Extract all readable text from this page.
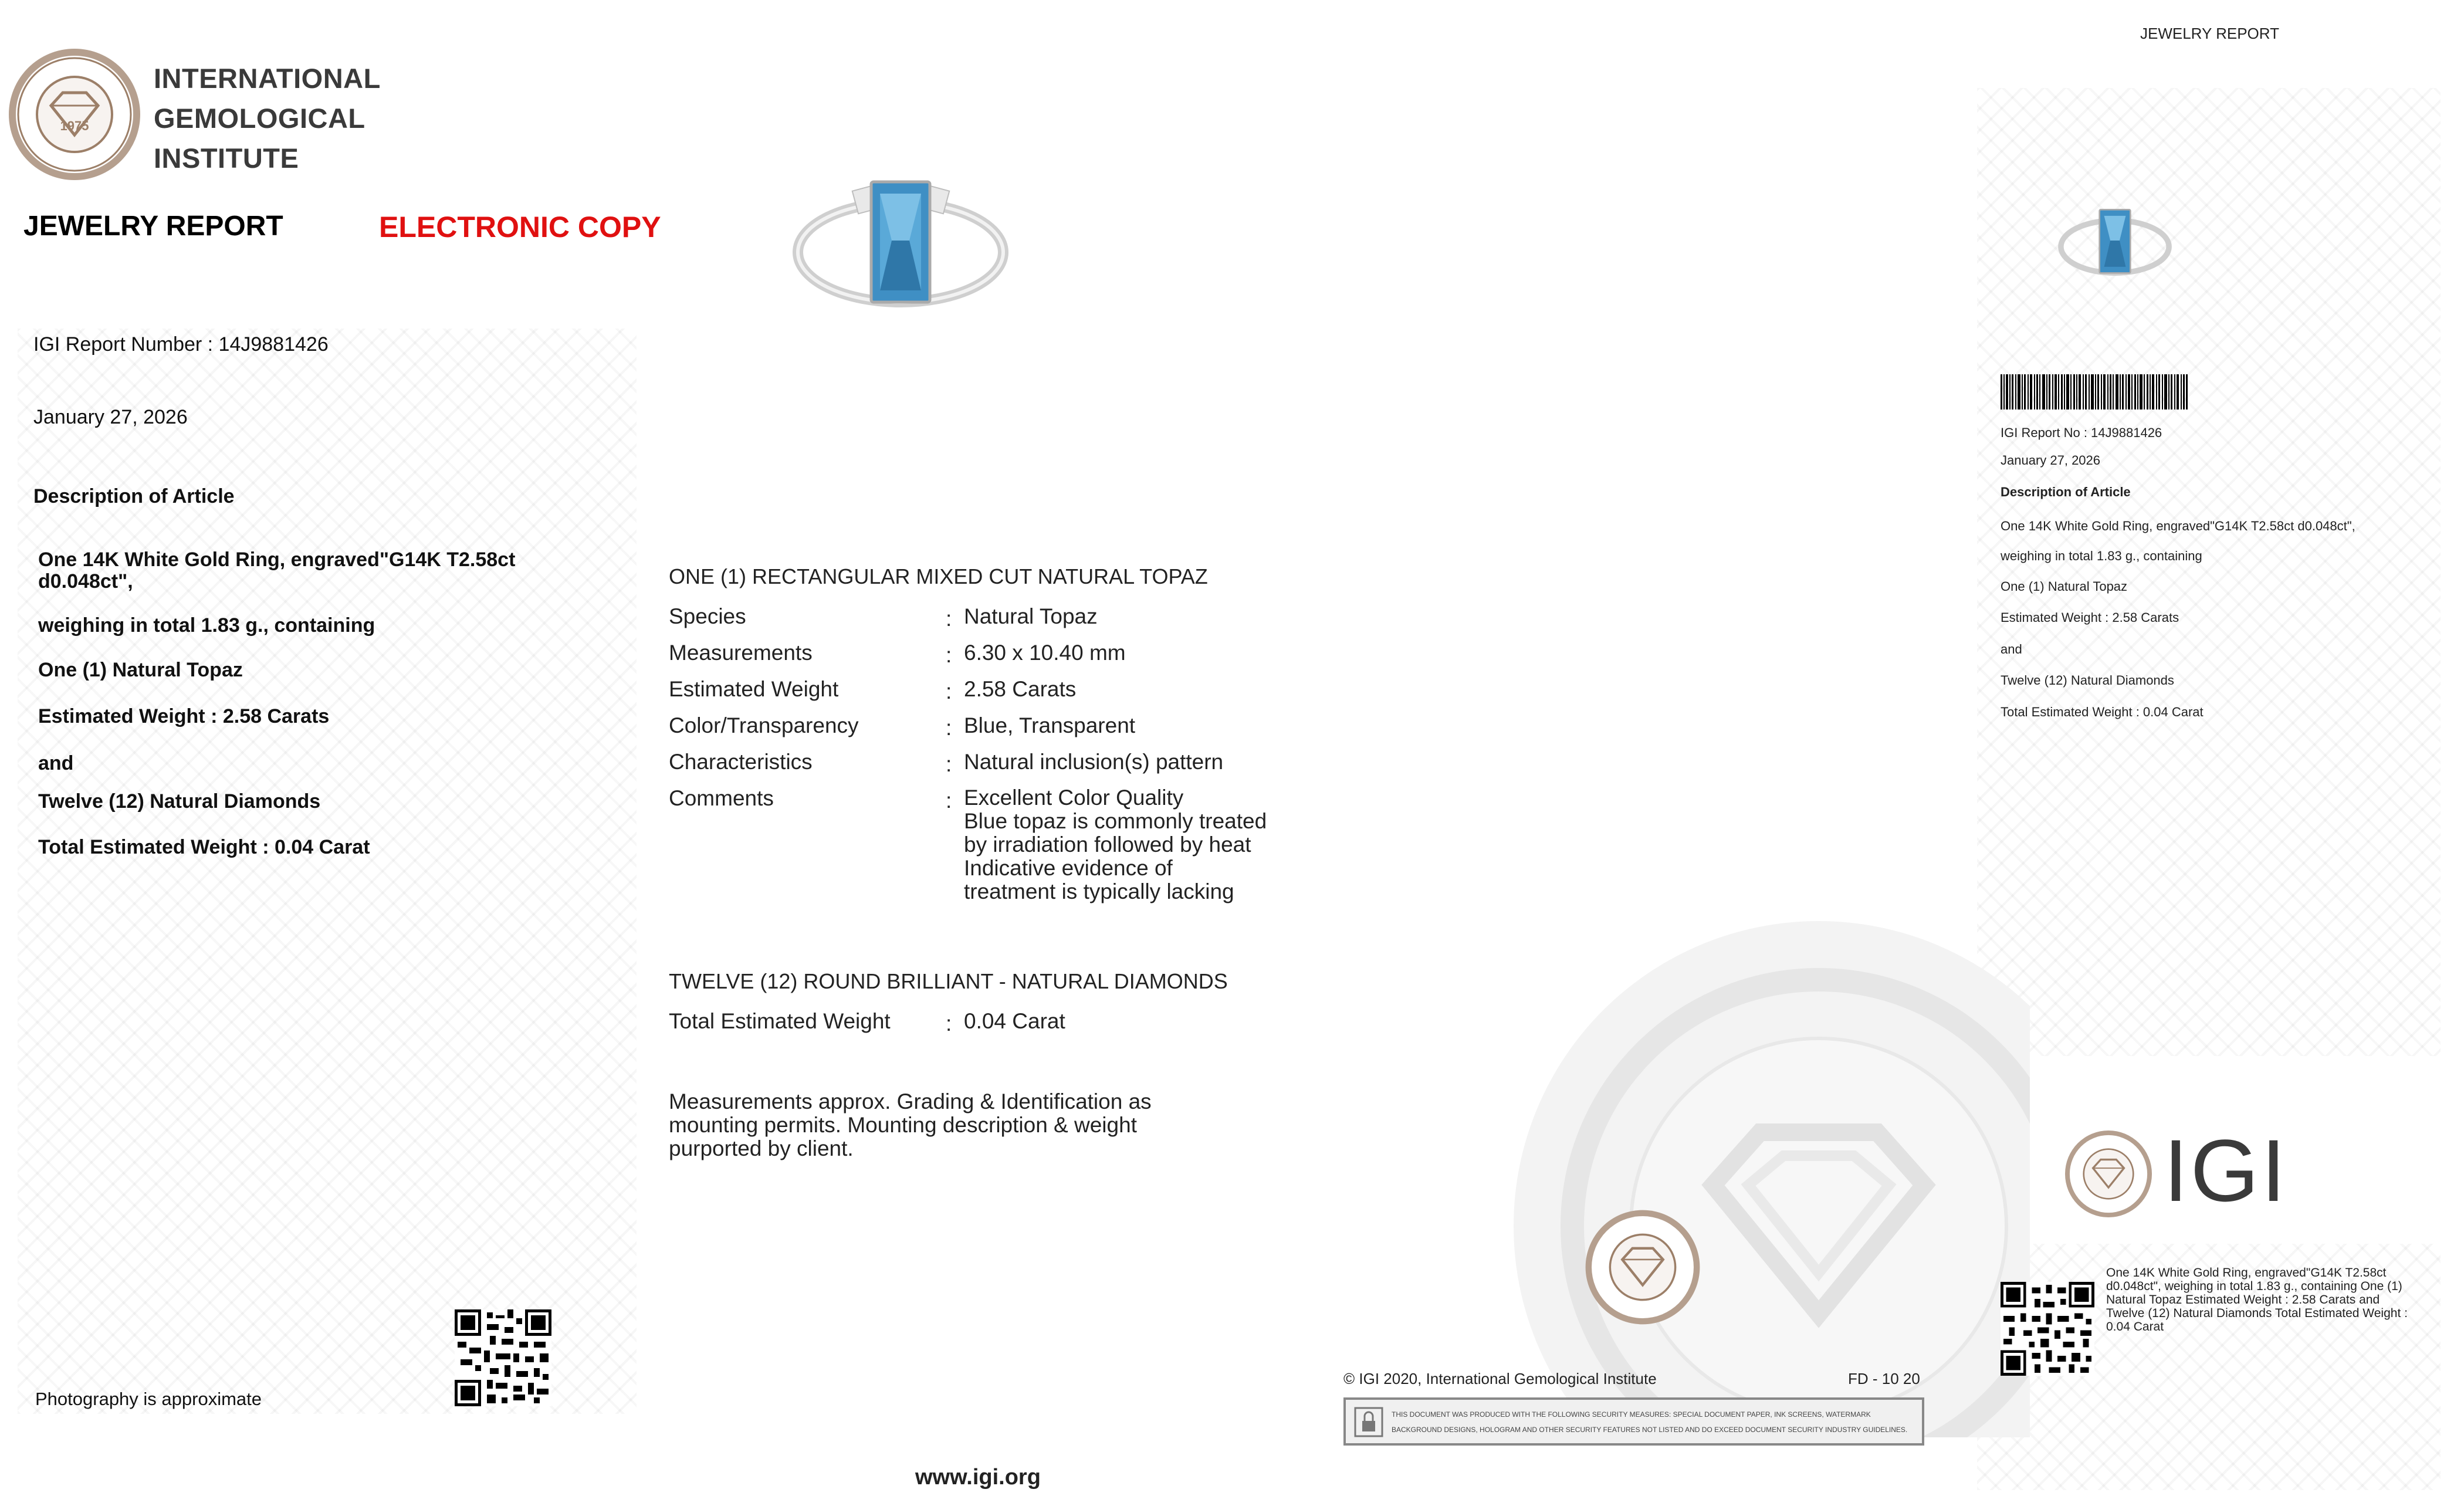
1975
INTERNATIONAL
GEMOLOGICAL
INSTITUTE
JEWELRY REPORT	ELECTRONIC COPY
IGI Report Number : 14J9881426
January 27, 2026
Description of Article
One 14K White Gold Ring, engraved"G14K T2.58ct
d0.048ct",
weighing in total 1.83 g., containing
One (1) Natural Topaz
Estimated Weight : 2.58 Carats
and
Twelve (12) Natural Diamonds
Total Estimated Weight : 0.04 Carat
Photography is approximate
ONE (1) RECTANGULAR MIXED CUT NATURAL TOPAZ
Species	: Natural Topaz
Measurements	: 6.30 x 10.40 mm
Estimated Weight	: 2.58 Carats
Color/Transparency	: Blue, Transparent
Characteristics	: Natural inclusion(s) pattern
Comments	: Excellent Color Quality
Blue topaz is commonly treated
by irradiation followed by heat
Indicative evidence of
treatment is typically lacking
TWELVE (12) ROUND BRILLIANT - NATURAL DIAMONDS
Total Estimated Weight	: 0.04 Carat
Measurements approx. Grading & Identification as
mounting permits. Mounting description & weight
purported by client.
© IGI 2020, International Gemological Institute	FD - 10 20
THIS DOCUMENT WAS PRODUCED WITH THE FOLLOWING SECURITY MEASURES: SPECIAL DOCUMENT PAPER, INK SCREENS, WATERMARK
BACKGROUND DESIGNS, HOLOGRAM AND OTHER SECURITY FEATURES NOT LISTED AND DO EXCEED DOCUMENT SECURITY INDUSTRY GUIDELINES.
www.igi.org
JEWELRY REPORT
IGI Report No : 14J9881426
January 27, 2026
Description of Article
One 14K White Gold Ring, engraved"G14K T2.58ct d0.048ct",
weighing in total 1.83 g., containing
One (1) Natural Topaz
Estimated Weight : 2.58 Carats
and
Twelve (12) Natural Diamonds
Total Estimated Weight : 0.04 Carat
IGI
One 14K White Gold Ring, engraved"G14K T2.58ct
d0.048ct", weighing in total 1.83 g., containing One (1)
Natural Topaz Estimated Weight : 2.58 Carats and
Twelve (12) Natural Diamonds Total Estimated Weight :
0.04 Carat
